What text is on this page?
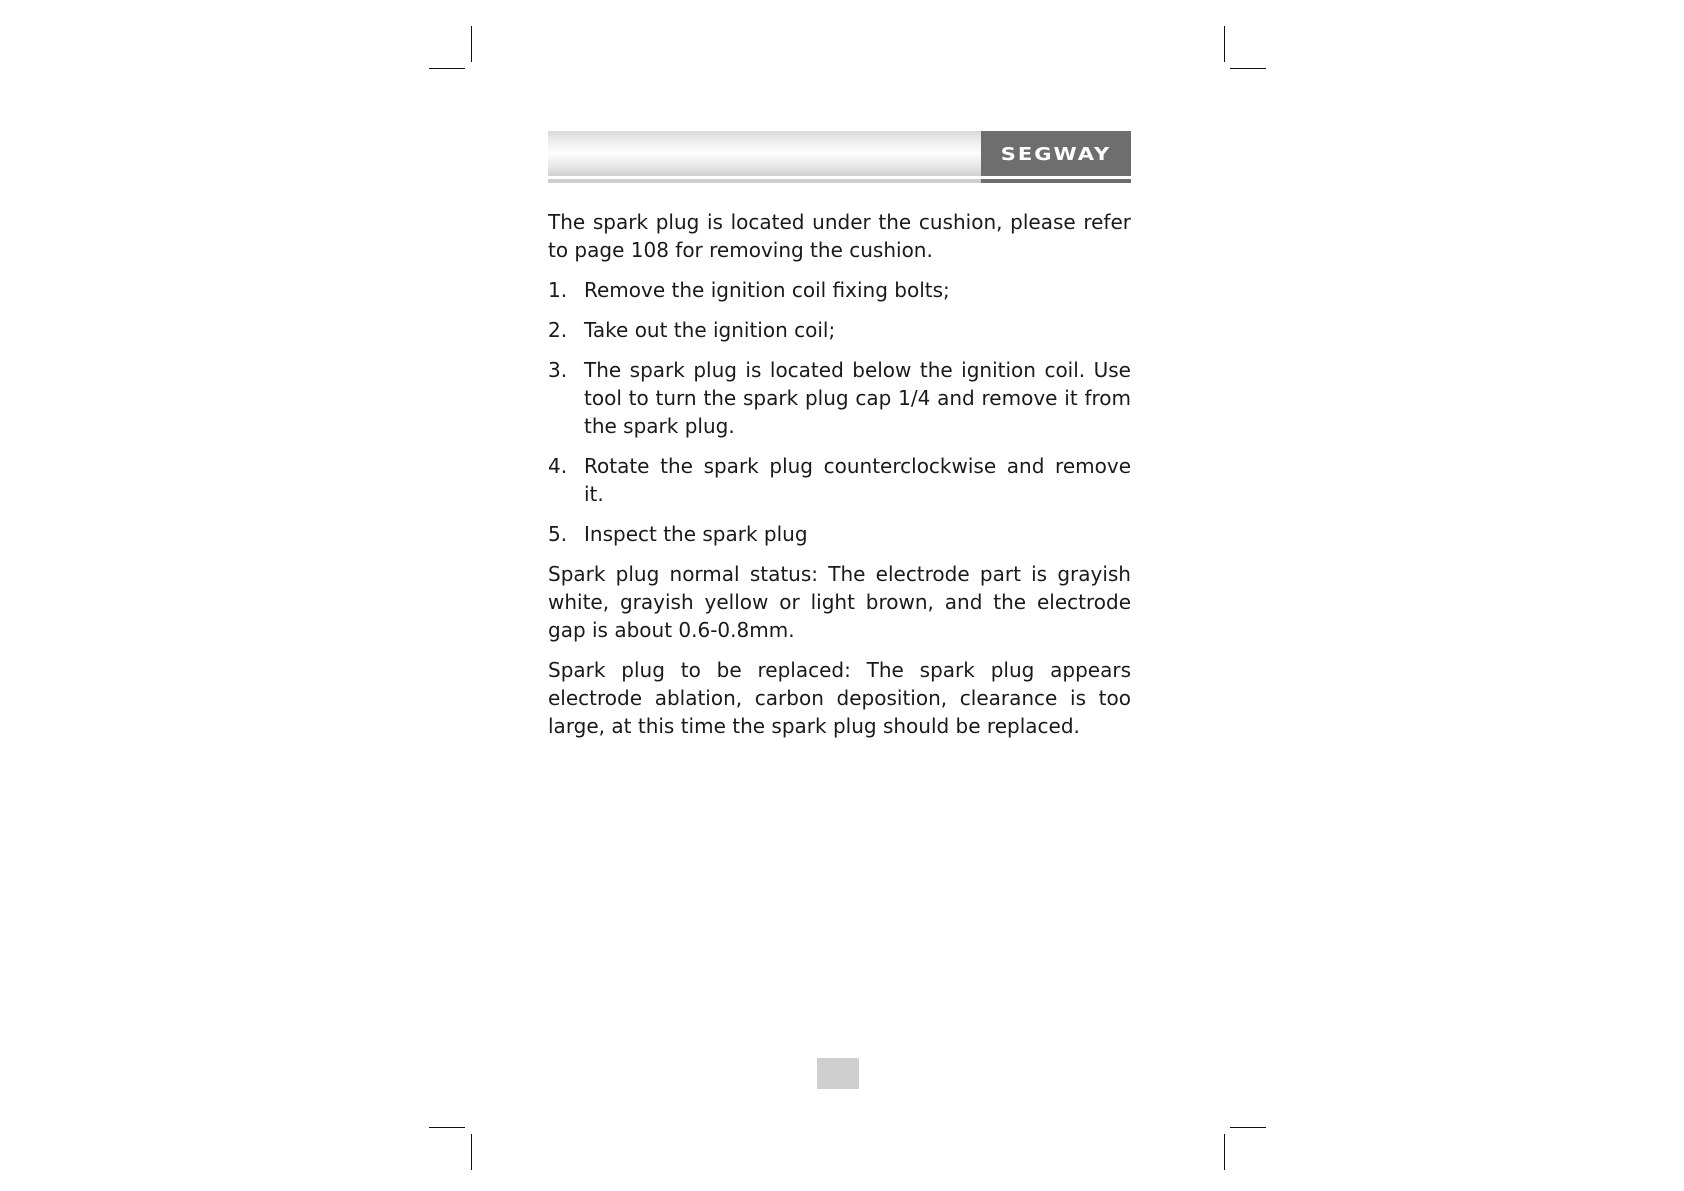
SEGWAY

The spark plug is located under the cushion, please refer to page 108 for removing the cushion.

1. Remove the ignition coil fixing bolts;
2. Take out the ignition coil;
3. The spark plug is located below the ignition coil. Use tool to turn the spark plug cap 1/4 and remove it from the spark plug.
4. Rotate the spark plug counterclockwise and remove it.
5. Inspect the spark plug

Spark plug normal status: The electrode part is grayish white, grayish yellow or light brown, and the electrode gap is about 0.6-0.8mm.

Spark plug to be replaced: The spark plug appears electrode ablation, carbon deposition, clearance is too large, at this time the spark plug should be replaced.
